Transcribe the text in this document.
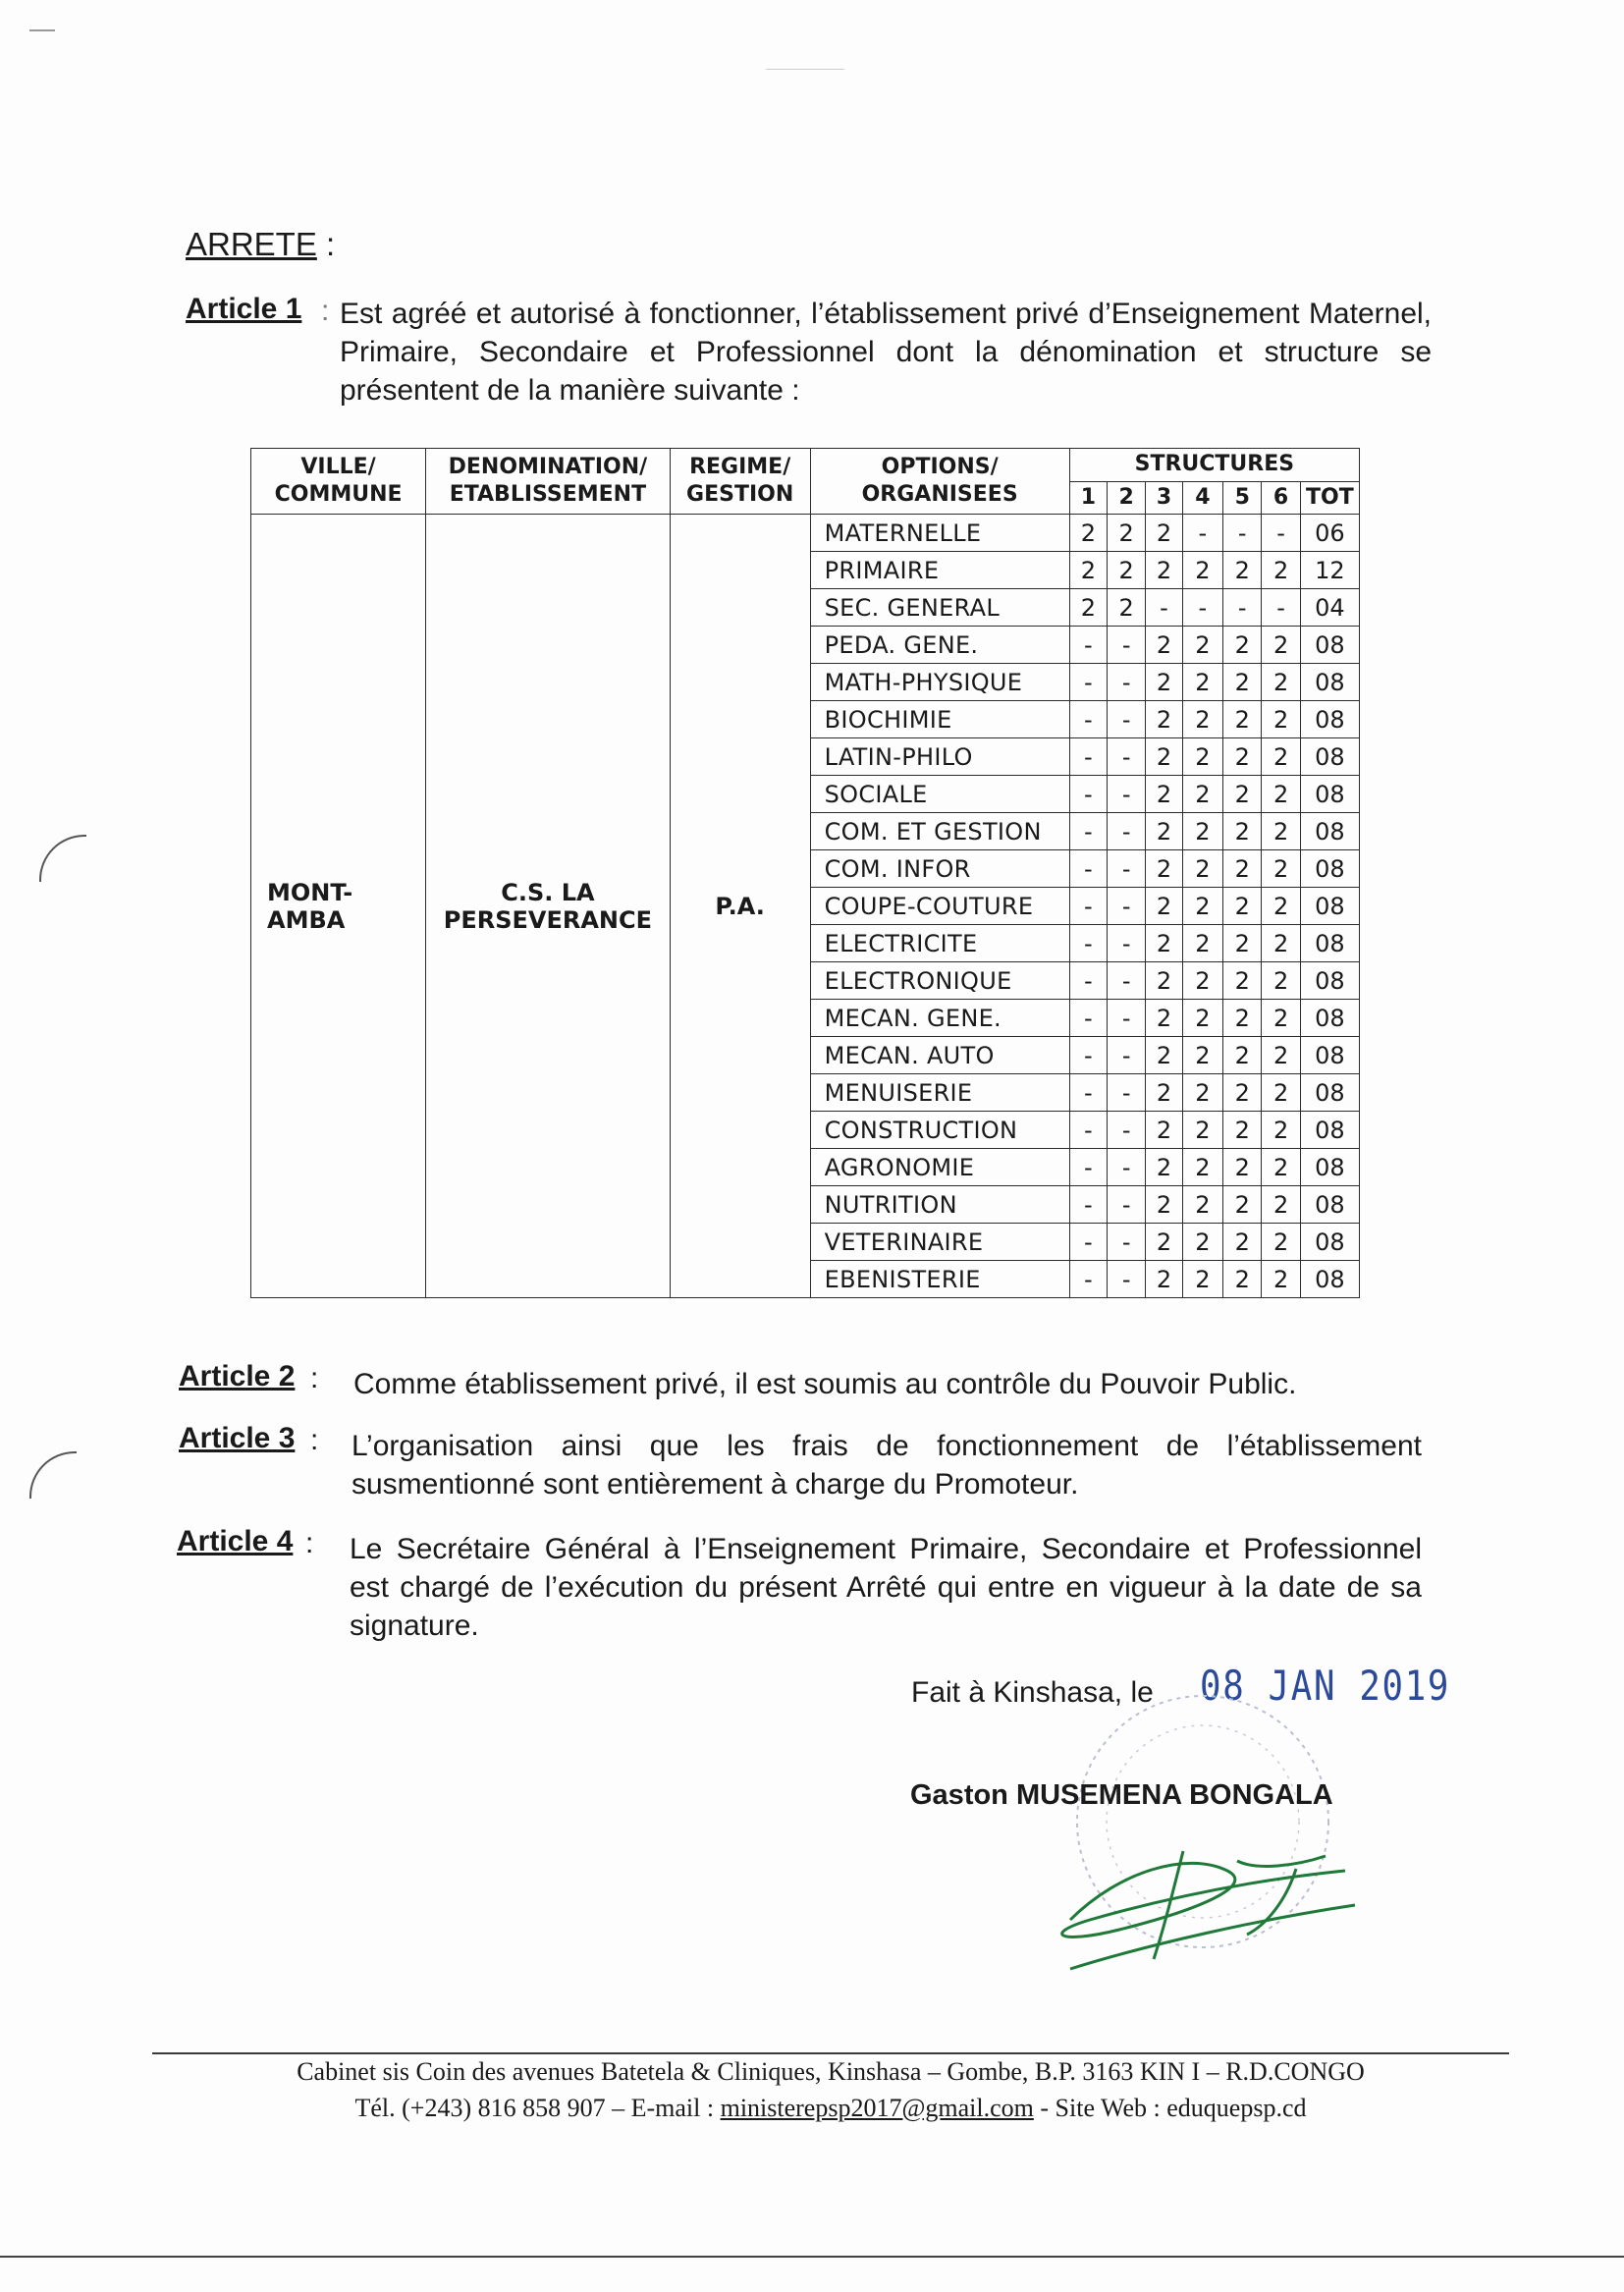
ARRETE :
Article 1 : Est agréé et autorisé à fonctionner, l’établissement privé d’Enseignement Maternel, Primaire, Secondaire et Professionnel dont la dénomination et structure se présentent de la manière suivante :
VILLE/ COMMUNE	DENOMINATION/ ETABLISSEMENT	REGIME/ GESTION	OPTIONS/ ORGANISEES	STRUCTURES						
				1	2	3	4	5	6	TOT
MONT- AMBA	C.S. LA PERSEVERANCE	P.A.	MATERNELLE	2	2	2	-	-	-	06
			PRIMAIRE	2	2	2	2	2	2	12
			SEC. GENERAL	2	2	-	-	-	-	04
			PEDA. GENE.	-	-	2	2	2	2	08
			MATH-PHYSIQUE	-	-	2	2	2	2	08
			BIOCHIMIE	-	-	2	2	2	2	08
			LATIN-PHILO	-	-	2	2	2	2	08
			SOCIALE	-	-	2	2	2	2	08
			COM. ET GESTION	-	-	2	2	2	2	08
			COM. INFOR	-	-	2	2	2	2	08
			COUPE-COUTURE	-	-	2	2	2	2	08
			ELECTRICITE	-	-	2	2	2	2	08
			ELECTRONIQUE	-	-	2	2	2	2	08
			MECAN. GENE.	-	-	2	2	2	2	08
			MECAN. AUTO	-	-	2	2	2	2	08
			MENUISERIE	-	-	2	2	2	2	08
			CONSTRUCTION	-	-	2	2	2	2	08
			AGRONOMIE	-	-	2	2	2	2	08
			NUTRITION	-	-	2	2	2	2	08
			VETERINAIRE	-	-	2	2	2	2	08
			EBENISTERIE	-	-	2	2	2	2	08
Article 2 : Comme établissement privé, il est soumis au contrôle du Pouvoir Public.
Article 3 : L’organisation ainsi que les frais de fonctionnement de l’établissement susmentionné sont entièrement à charge du Promoteur.
Article 4 : Le Secrétaire Général à l’Enseignement Primaire, Secondaire et Professionnel est chargé de l’exécution du présent Arrêté qui entre en vigueur à la date de sa signature.
Fait à Kinshasa, le 08 JAN 2019
Gaston MUSEMENA BONGALA
Cabinet sis Coin des avenues Batetela & Cliniques, Kinshasa – Gombe, B.P. 3163 KIN I – R.D.CONGO
Tél. (+243) 816 858 907 – E-mail : ministerepsp2017@gmail.com - Site Web : eduquepsp.cd
